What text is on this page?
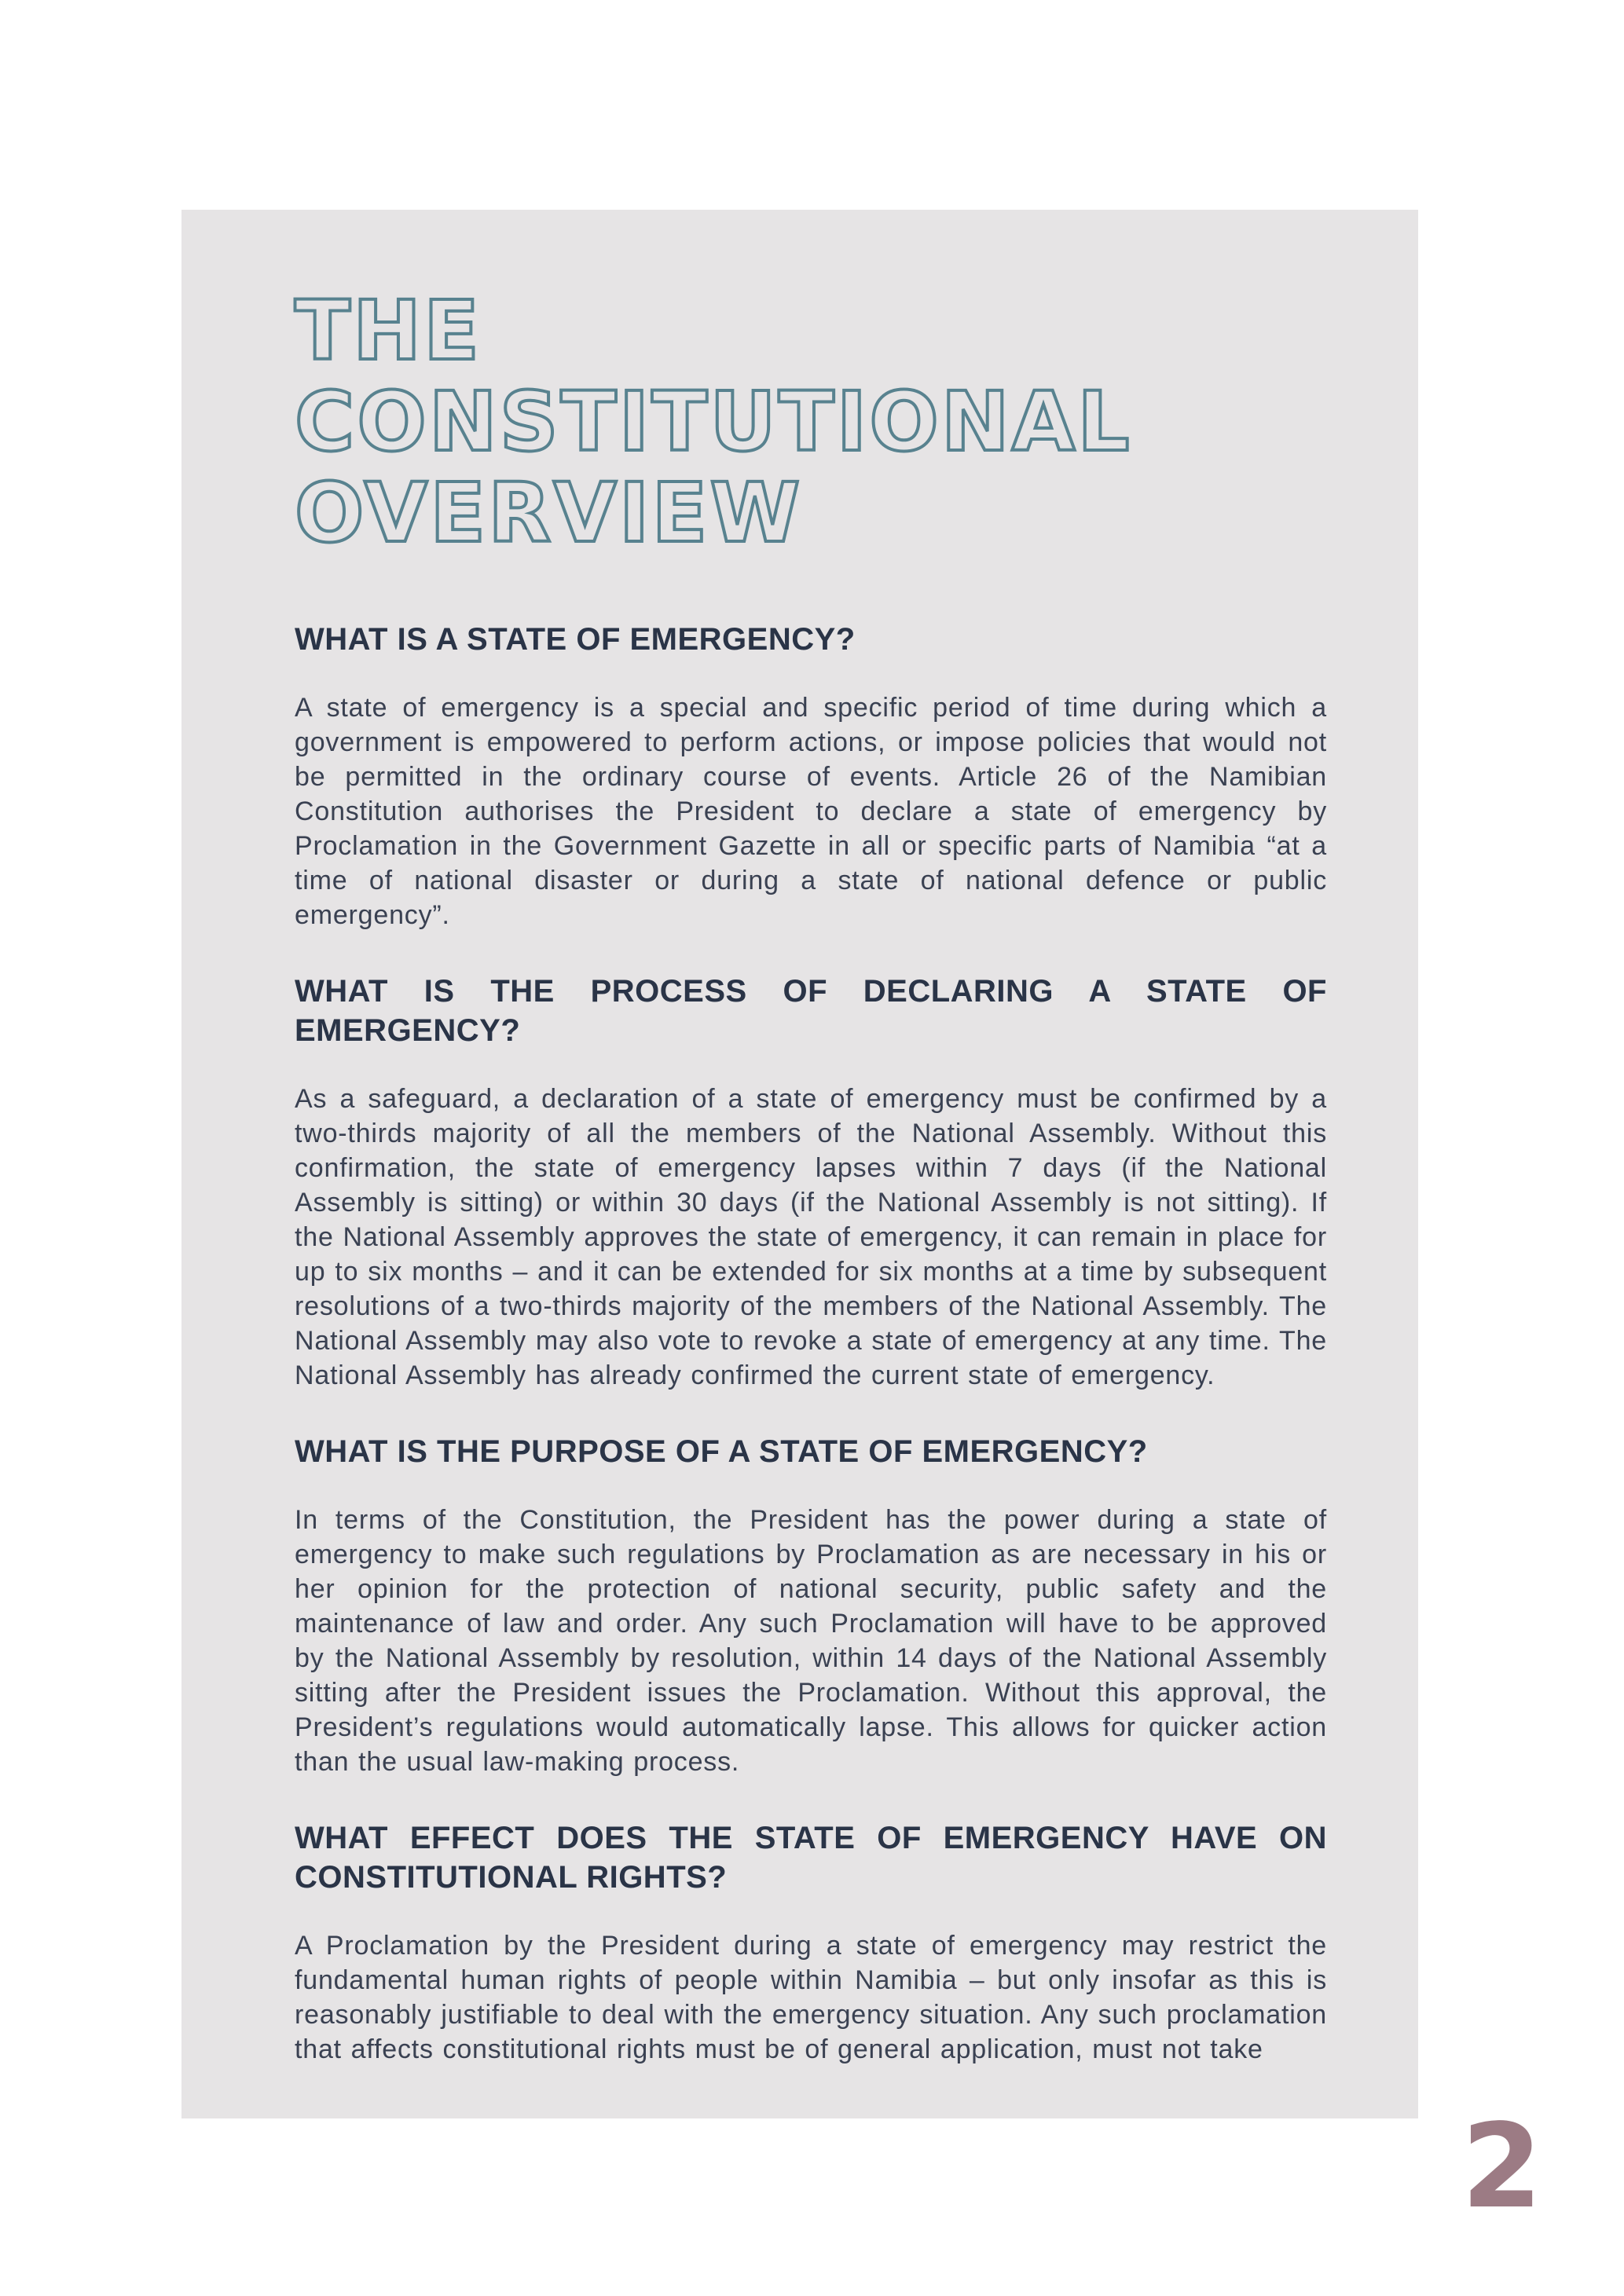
THE CONSTITUTIONAL
OVERVIEW
WHAT IS A STATE OF EMERGENCY?

A state of emergency is a special and specific period of time during which a government is empowered to perform actions, or impose policies that would not be permitted in the ordinary course of events. Article 26 of the Namibian Constitution authorises the President to declare a state of emergency by Proclamation in the Government Gazette in all or specific parts of Namibia “at a time of national disaster or during a state of national defence or public emergency”.

WHAT IS THE PROCESS OF DECLARING A STATE OF EMERGENCY?

As a safeguard, a declaration of a state of emergency must be confirmed by a two-thirds majority of all the members of the National Assembly. Without this confirmation, the state of emergency lapses within 7 days (if the National Assembly is sitting) or within 30 days (if the National Assembly is not sitting). If the National Assembly approves the state of emergency, it can remain in place for up to six months – and it can be extended for six months at a time by subsequent resolutions of a two-thirds majority of the members of the National Assembly. The National Assembly may also vote to revoke a state of emergency at any time. The National Assembly has already confirmed the current state of emergency.

WHAT IS THE PURPOSE OF A STATE OF EMERGENCY?

In terms of the Constitution, the President has the power during a state of emergency to make such regulations by Proclamation as are necessary in his or her opinion for the protection of national security, public safety and the maintenance of law and order. Any such Proclamation will have to be approved by the National Assembly by resolution, within 14 days of the National Assembly sitting after the President issues the Proclamation. Without this approval, the President’s regulations would automatically lapse. This allows for quicker action than the usual law-making process.

WHAT EFFECT DOES THE STATE OF EMERGENCY HAVE ON CONSTITUTIONAL RIGHTS?

A Proclamation by the President during a state of emergency may restrict the fundamental human rights of people within Namibia – but only insofar as this is reasonably justifiable to deal with the emergency situation. Any such proclamation that affects constitutional rights must be of general application, must not take

2
